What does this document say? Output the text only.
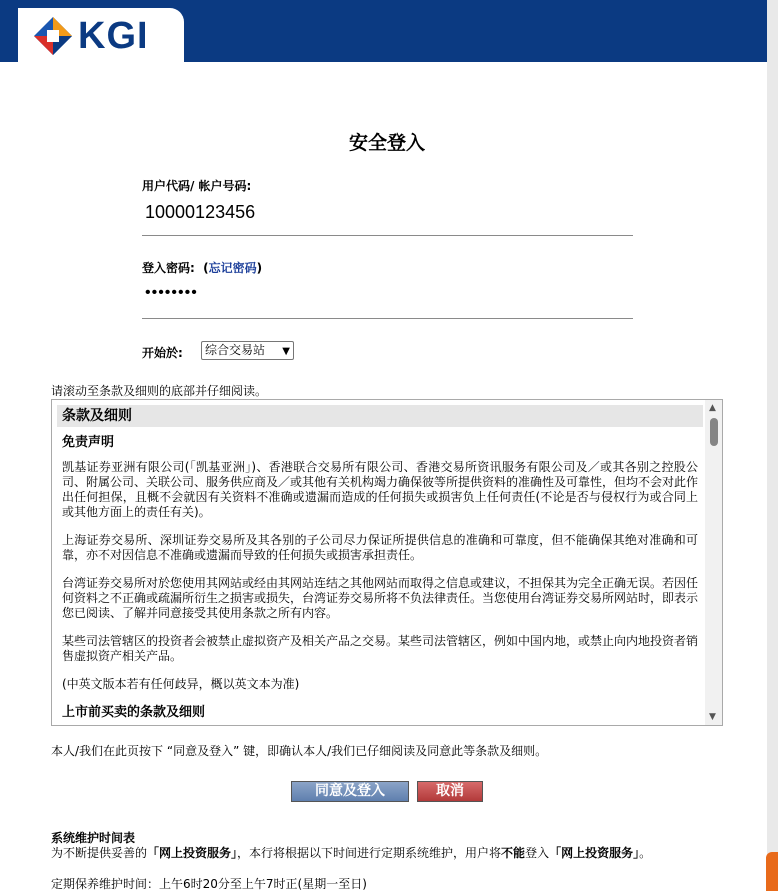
KGI
安全登入
用户代码/ 帐户号码:
10000123456
登入密码: (忘记密码)
••••••••
开始於:	综合交易站 ▼
请滚动至条款及细则的底部并仔细阅读。
条款及细则
免责声明

凯基证券亚洲有限公司(「凯基亚洲」)、香港联合交易所有限公司、香港交易所资讯服务有限公司及／或其各别之控股公司、附属公司、关联公司、服务供应商及／或其他有关机构竭力确保彼等所提供资料的准确性及可靠性，但均不会对此作出任何担保，且概不会就因有关资料不准确或遗漏而造成的任何损失或损害负上任何责任(不论是否与侵权行为或合同上或其他方面上的责任有关)。

上海证券交易所、深圳证券交易所及其各别的子公司尽力保证所提供信息的准确和可靠度，但不能确保其绝对准确和可靠，亦不对因信息不准确或遗漏而导致的任何损失或损害承担责任。

台湾证券交易所对於您使用其网站或经由其网站连结之其他网站而取得之信息或建议，不担保其为完全正确无误。若因任何资料之不正确或疏漏所衍生之损害或损失，台湾证券交易所将不负法律责任。当您使用台湾证券交易所网站时，即表示您已阅读、了解并同意接受其使用条款之所有内容。

某些司法管辖区的投资者会被禁止虚拟资产及相关产品之交易。某些司法管辖区，例如中国内地，或禁止向内地投资者销售虚拟资产相关产品。

(中英文版本若有任何歧异，概以英文本为准)

上市前买卖的条款及细则
▲
▼
本人/我们在此页按下 “同意及登入” 键，即确认本人/我们已仔细阅读及同意此等条款及细则。
同意及登入	取消
系统维护时间表
为不断提供妥善的「网上投资服务」，本行将根据以下时间进行定期系统维护，用户将不能登入「网上投资服务」。
定期保养维护时间：上午6时20分至上午7时正(星期一至日)
